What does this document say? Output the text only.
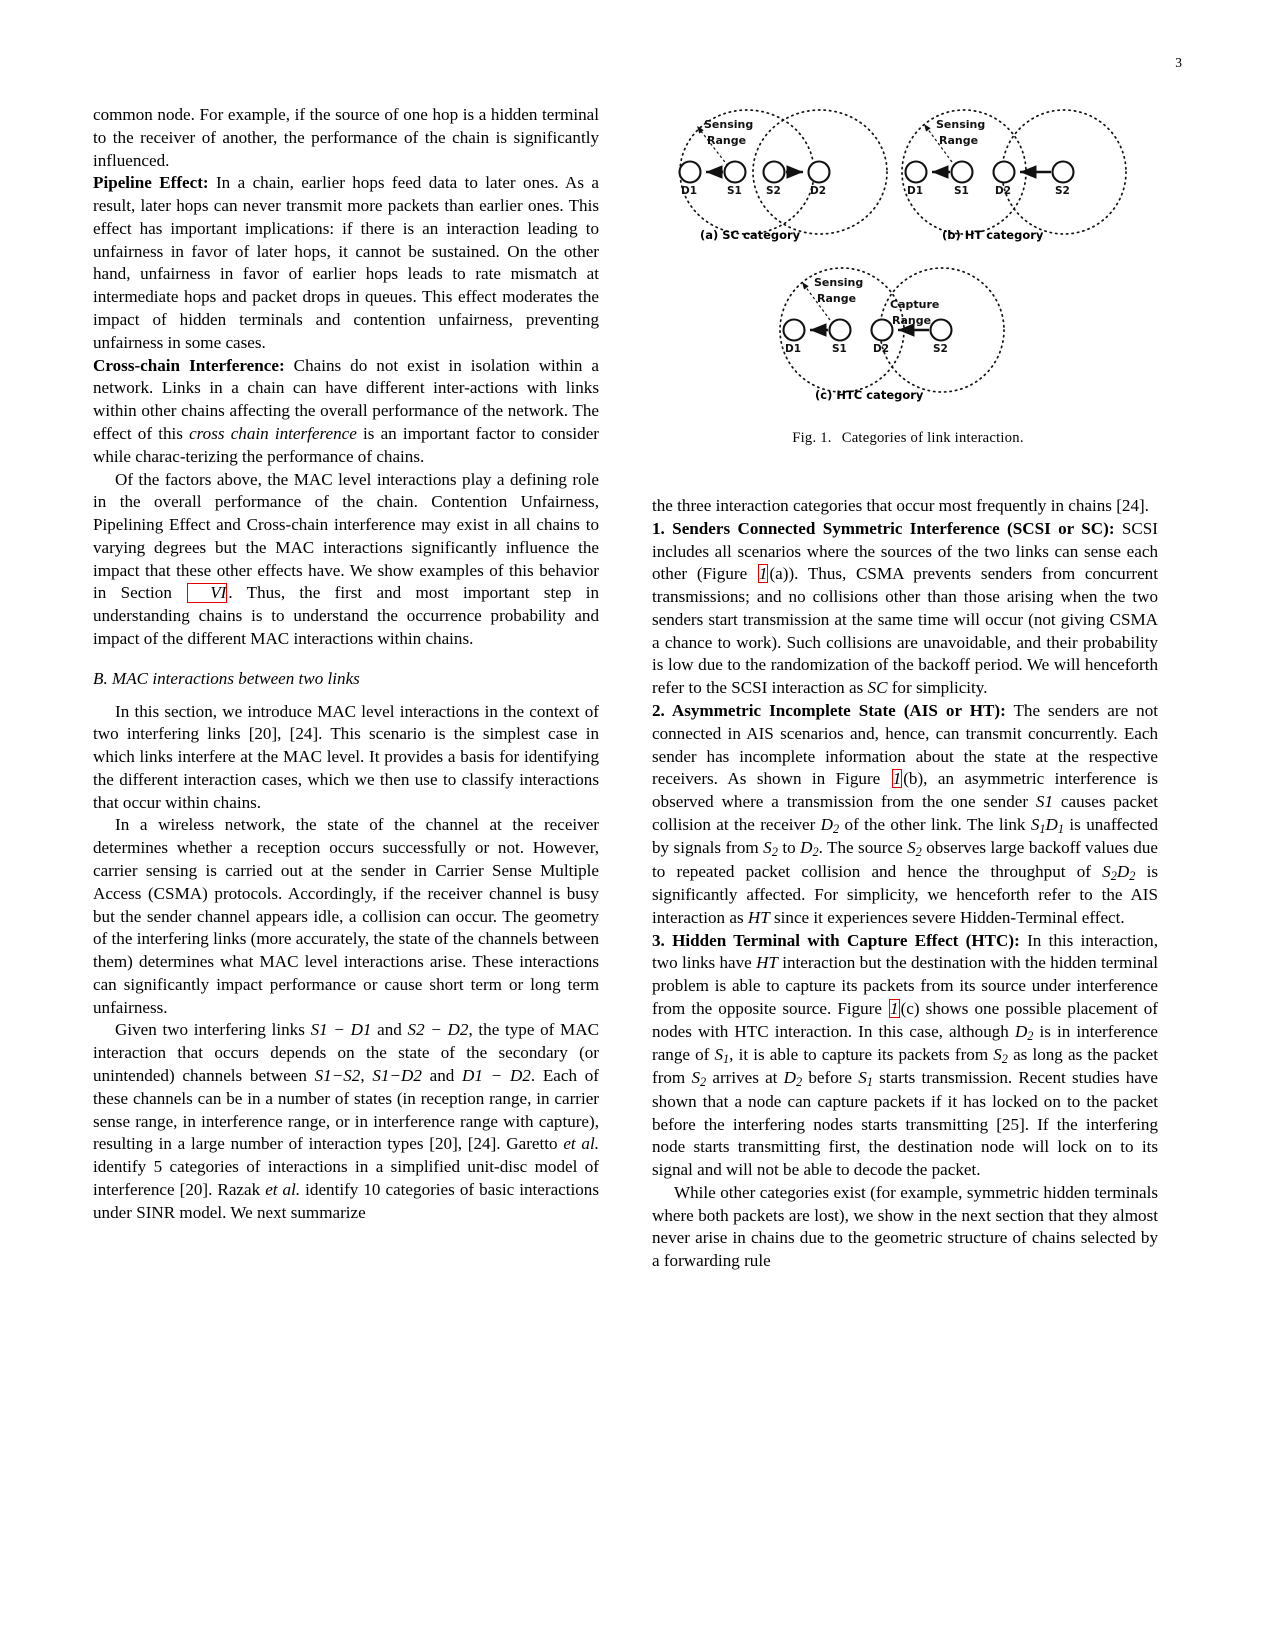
3
Sensing
Range
D1	S1 S2	D2
Sensing
Range
D1	S1 D2	S2
Sensing
Range	Capture
Range
D1	S1 D2	S2
(a) SC category	(b) HT category
(c) HTC category
Fig. 1. Categories of link interaction.

common node. For example, if the source of one hop is a hidden terminal to the receiver of another, the performance of the chain is significantly influenced.

Pipeline Effect: In a chain, earlier hops feed data to later ones. As a result, later hops can never transmit more packets than earlier ones. This effect has important implications: if there is an interaction leading to unfairness in favor of later hops, it cannot be sustained. On the other hand, unfairness in favor of earlier hops leads to rate mismatch at intermediate hops and packet drops in queues. This effect moderates the impact of hidden terminals and contention unfairness, preventing unfairness in some cases.

Cross-chain Interference: Chains do not exist in isolation within a network. Links in a chain can have different inter-actions with links within other chains affecting the overall performance of the network. The effect of this cross chain interference is an important factor to consider while charac-terizing the performance of chains.

Of the factors above, the MAC level interactions play a defining role in the overall performance of the chain. Contention Unfairness, Pipelining Effect and Cross-chain interference may exist in all chains to varying degrees but the MAC interactions significantly influence the impact that these other effects have. We show examples of this behavior in Section VI . Thus, the first and most important step in understanding chains is to understand the occurrence probability and impact of the different MAC interactions within chains.

B. MAC interactions between two links

In this section, we introduce MAC level interactions in the context of two interfering links [20], [24]. This scenario is the simplest case in which links interfere at the MAC level. It provides a basis for identifying the different interaction cases, which we then use to classify interactions that occur within chains.

In a wireless network, the state of the channel at the receiver determines whether a reception occurs successfully or not. However, carrier sensing is carried out at the sender in Carrier Sense Multiple Access (CSMA) protocols. Accordingly, if the receiver channel is busy but the sender channel appears idle, a collision can occur. The geometry of the interfering links (more accurately, the state of the channels between them) determines what MAC level interactions arise. These interactions can significantly impact performance or cause short term or long term unfairness.

Given two interfering links S1 − D1 and S2 − D2, the type of MAC interaction that occurs depends on the state of the secondary (or unintended) channels between S1−S2, S1−D2 and D1 − D2. Each of these channels can be in a number of states (in reception range, in carrier sense range, in interference range, or in interference range with capture), resulting in a large number of interaction types [20], [24]. Garetto et al. identify 5 categories of interactions in a simplified unit-disc model of interference [20]. Razak et al. identify 10 categories of basic interactions under SINR model. We next summarize

the three interaction categories that occur most frequently in chains [24].

1. Senders Connected Symmetric Interference (SCSI or SC): SCSI includes all scenarios where the sources of the two links can sense each other (Figure 1 (a)). Thus, CSMA prevents senders from concurrent transmissions; and no collisions other than those arising when the two senders start transmission at the same time will occur (not giving CSMA a chance to work). Such collisions are unavoidable, and their probability is low due to the randomization of the backoff period. We will henceforth refer to the SCSI interaction as SC for simplicity.

2. Asymmetric Incomplete State (AIS or HT): The senders are not connected in AIS scenarios and, hence, can transmit concurrently. Each sender has incomplete information about the state at the respective receivers. As shown in Figure 1 (b), an asymmetric interference is observed where a transmission from the one sender S1 causes packet collision at the receiver $D_2$ of the other link. The link $S_1D_1$ is unaffected by signals from $S_2$ to $D_2$. The source $S_2$ observes large backoff values due to repeated packet collision and hence the throughput of $S_2D_2$ is significantly affected. For simplicity, we henceforth refer to the AIS interaction as HT since it experiences severe Hidden-Terminal effect.

3. Hidden Terminal with Capture Effect (HTC): In this interaction, two links have HT interaction but the destination with the hidden terminal problem is able to capture its packets from its source under interference from the opposite source. Figure 1 (c) shows one possible placement of nodes with HTC interaction. In this case, although $D_2$ is in interference range of $S_1$, it is able to capture its packets from $S_2$ as long as the packet from $S_2$ arrives at $D_2$ before $S_1$ starts transmission. Recent studies have shown that a node can capture packets if it has locked on to the packet before the interfering nodes starts transmitting [25]. If the interfering node starts transmitting first, the destination node will lock on to its signal and will not be able to decode the packet.

While other categories exist (for example, symmetric hidden terminals where both packets are lost), we show in the next section that they almost never arise in chains due to the geometric structure of chains selected by a forwarding rule
